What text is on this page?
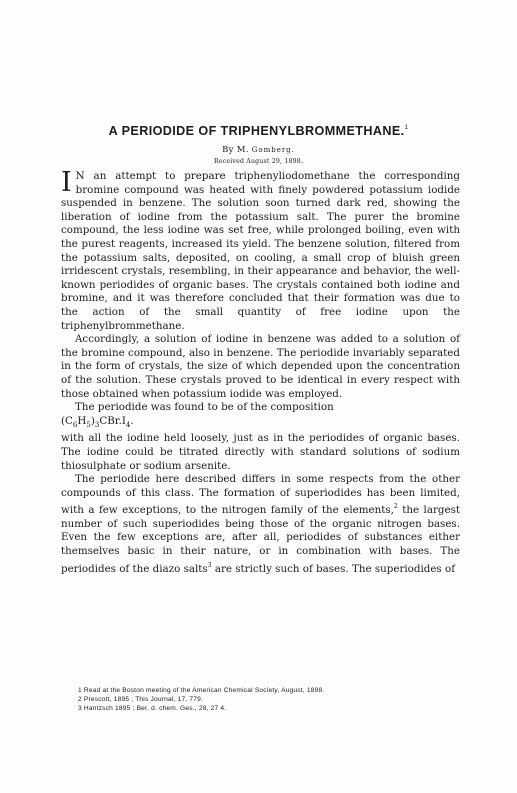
A PERIODIDE OF TRIPHENYLBROMMETHANE.$^1$
By M. Gomberg.
Received August 29, 1898.

IN an attempt to prepare triphenyliodomethane the corresponding bromine compound was heated with finely powdered potassium iodide suspended in benzene. The solution soon turned dark red, showing the liberation of iodine from the potassium salt. The purer the bromine compound, the less iodine was set free, while prolonged boiling, even with the purest reagents, increased its yield. The benzene solution, filtered from the potassium salts, deposited, on cooling, a small crop of bluish green irridescent crystals, resembling, in their appearance and behavior, the well-known periodides of organic bases. The crystals contained both iodine and bromine, and it was therefore concluded that their formation was due to the action of the small quantity of free iodine upon the triphenylbrommethane.

Accordingly, a solution of iodine in benzene was added to a solution of the bromine compound, also in benzene. The periodide invariably separated in the form of crystals, the size of which depended upon the concentration of the solution. These crystals proved to be identical in every respect with those obtained when potassium iodide was employed.

The periodide was found to be of the composition

$(C_6H_5)_3CBr.I_4$.

with all the iodine held loosely, just as in the periodides of organic bases. The iodine could be titrated directly with standard solutions of sodium thiosulphate or sodium arsenite.

The periodide here described differs in some respects from the other compounds of this class. The formation of superiodides has been limited, with a few exceptions, to the nitrogen family of the elements,$^2$ the largest number of such superiodides being those of the organic nitrogen bases. Even the few exceptions are, after all, periodides of substances either themselves basic in their nature, or in combination with bases. The periodides of the diazo salts$^3$ are strictly such of bases. The superiodides of

1 Read at the Boston meeting of the American Chemical Society, August, 1898.
2 Prescott, 1895 ; This Journal, 17, 779.
3 Hantzsch 1895 ; Ber. d. chem. Ges., 28, 27 4.
